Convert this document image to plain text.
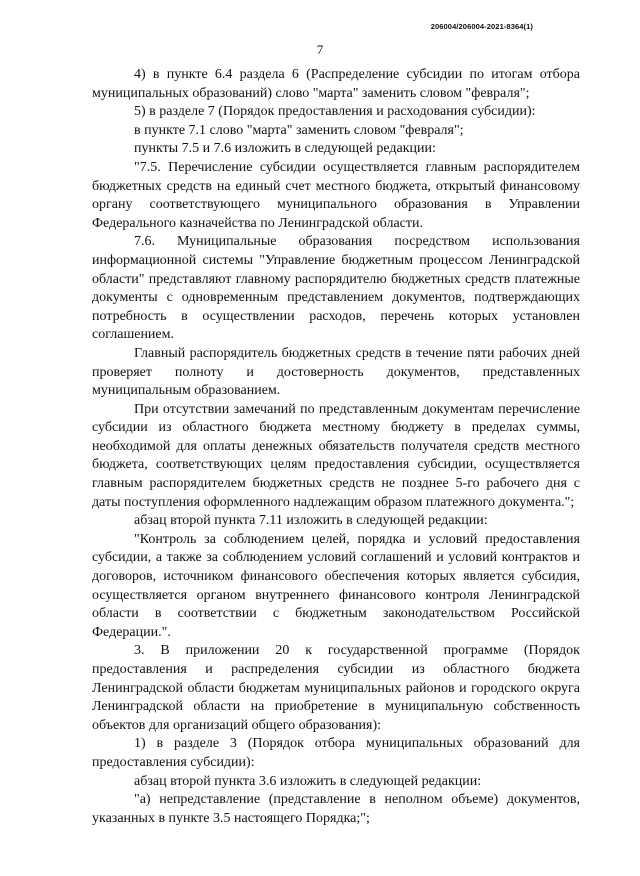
206004/206004-2021-8364(1)
7

4) в пункте 6.4 раздела 6 (Распределение субсидии по итогам отбора муниципальных образований) слово "марта" заменить словом "февраля";

5) в разделе 7 (Порядок предоставления и расходования субсидии):

в пункте 7.1 слово "марта" заменить словом "февраля";

пункты 7.5 и 7.6 изложить в следующей редакции:

"7.5. Перечисление субсидии осуществляется главным распорядителем бюджетных средств на единый счет местного бюджета, открытый финансовому органу соответствующего муниципального образования в Управлении Федерального казначейства по Ленинградской области.

7.6. Муниципальные образования посредством использования информационной системы "Управление бюджетным процессом Ленинградской области" представляют главному распорядителю бюджетных средств платежные документы с одновременным представлением документов, подтверждающих потребность в осуществлении расходов, перечень которых установлен соглашением.

Главный распорядитель бюджетных средств в течение пяти рабочих дней проверяет полноту и достоверность документов, представленных муниципальным образованием.

При отсутствии замечаний по представленным документам перечисление субсидии из областного бюджета местному бюджету в пределах суммы, необходимой для оплаты денежных обязательств получателя средств местного бюджета, соответствующих целям предоставления субсидии, осуществляется главным распорядителем бюджетных средств не позднее 5-го рабочего дня с даты поступления оформленного надлежащим образом платежного документа.";

абзац второй пункта 7.11 изложить в следующей редакции:

"Контроль за соблюдением целей, порядка и условий предоставления субсидии, а также за соблюдением условий соглашений и условий контрактов и договоров, источником финансового обеспечения которых является субсидия, осуществляется органом внутреннего финансового контроля Ленинградской области в соответствии с бюджетным законодательством Российской Федерации.".

3. В приложении 20 к государственной программе (Порядок предоставления и распределения субсидии из областного бюджета Ленинградской области бюджетам муниципальных районов и городского округа Ленинградской области на приобретение в муниципальную собственность объектов для организаций общего образования):

1) в разделе 3 (Порядок отбора муниципальных образований для предоставления субсидии):

абзац второй пункта 3.6 изложить в следующей редакции:

"а) непредставление (представление в неполном объеме) документов, указанных в пункте 3.5 настоящего Порядка;";
